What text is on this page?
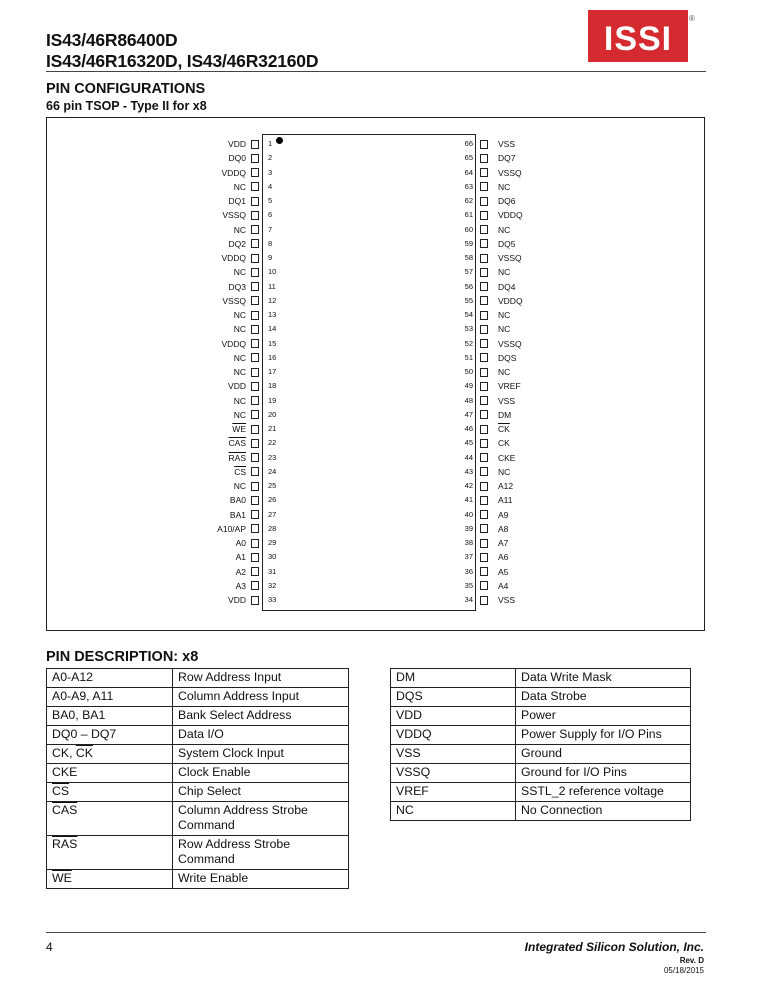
IS43/46R86400D
IS43/46R16320D, IS43/46R32160D
ISSI
®
PIN CONFIGURATIONS
66 pin TSOP - Type II for x8
VDD	1
DQ0	2
VDDQ	3
NC	4
DQ1	5
VSSQ	6
NC	7
DQ2	8
VDDQ	9
NC	10
DQ3	11
VSSQ	12
NC	13
NC	14
VDDQ	15
NC	16
NC	17
VDD	18
NC	19
NC	20
$\overline{WE}$	21
$\overline{CAS}$	22
$\overline{RAS}$	23
$\overline{CS}$	24
NC	25
BA0	26
BA1	27
A10/AP	28
A0	29
A1	30
A2	31
A3	32
VDD	33
66	VSS
65	DQ7
64	VSSQ
63	NC
62	DQ6
61	VDDQ
60	NC
59	DQ5
58	VSSQ
57	NC
56	DQ4
55	VDDQ
54	NC
53	NC
52	VSSQ
51	DQS
50	NC
49	VREF
48	VSS
47	DM
46	$\overline{CK}$
45	CK
44	CKE
43	NC
42	A12
41	A11
40	A9
39	A8
38	A7
37	A6
36	A5
35	A4
34	VSS
PIN DESCRIPTION: x8
A0-A12	Row Address Input

A0-A9, A11	Column Address Input

BA0, BA1	Bank Select Address

DQ0 – DQ7	Data I/O

CK, $\overline{CK}$	System Clock Input

CKE	Clock Enable

$\overline{CS}$	Chip Select

$\overline{CAS}$	Column Address Strobe
Command

$\overline{RAS}$	Row Address Strobe
Command

$\overline{WE}$	Write Enable
DM	Data Write Mask

DQS	Data Strobe

VDD	Power

VDDQ	Power Supply for I/O Pins

VSS	Ground

VSSQ	Ground for I/O Pins

VREF	SSTL_2 reference voltage

NC	No Connection
4	Integrated Silicon Solution, Inc.
Rev. D
05/18/2015
